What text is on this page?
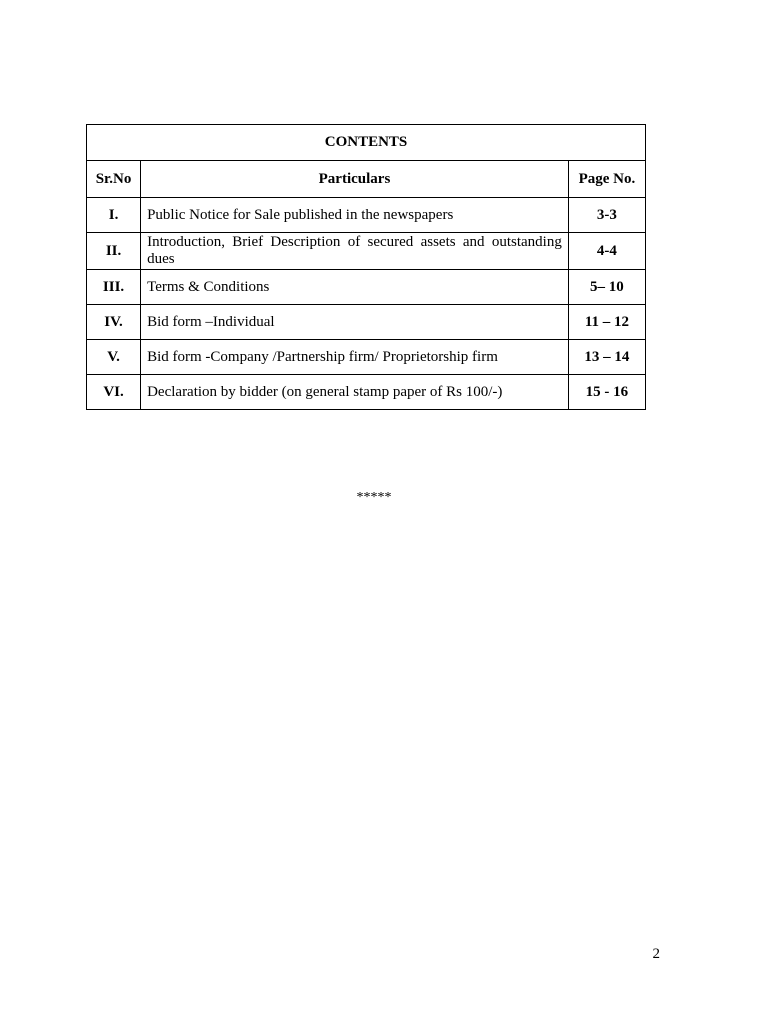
CONTENTS		
Sr.No	Particulars	Page No.
I.	Public Notice for Sale published in the newspapers	3-3
II.	Introduction, Brief Description of secured assets and outstanding dues	4-4
III.	Terms & Conditions	5– 10
IV.	Bid form –Individual	11 – 12
V.	Bid form -Company /Partnership firm/ Proprietorship firm	13 – 14
VI.	Declaration by bidder (on general stamp paper of Rs 100/-)	15 - 16
*****
2
